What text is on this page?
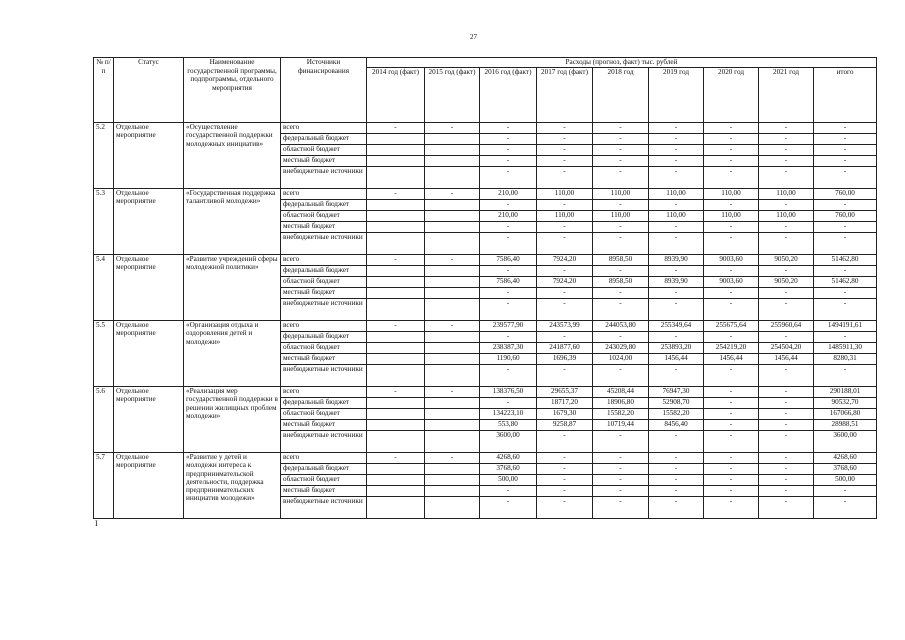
27
№ п/п	Статус	Наименование государственной программы, подпрограммы, отдельного мероприятия	Источники финансирования	Расходы (прогноз, факт) тыс. рублей								
				2014 год (факт)	2015 год (факт)	2016 год (факт)	2017 год (факт)	2018 год	2019 год	2020 год	2021 год	итого
5.2	Отдельное мероприятие	«Осуществление государственной поддержки молодежных инициатив»	всего	-	-	-	-	-	-	-	-	-
			федеральный бюджет			-	-	-	-	-	-	-
			областной бюджет			-	-	-	-	-	-	-
			местный бюджет			-	-	-	-	-	-	-
			внебюджетные источники			-	-	-	-	-	-	-
5.3	Отдельное мероприятие	«Государственная поддержка талантливой молодежи»	всего	-	-	210,00	110,00	110,00	110,00	110,00	110,00	760,00
			федеральный бюджет			-	-	-	-	-	-	-
			областной бюджет			210,00	110,00	110,00	110,00	110,00	110,00	760,00
			местный бюджет			-	-	-	-	-	-	-
			внебюджетные источники			-	-	-	-	-	-	-
5.4	Отдельное мероприятие	«Развитие учреждений сферы молодежной политики»	всего	-	-	7586,40	7924,20	8958,50	8939,90	9003,60	9050,20	51462,80
			федеральный бюджет			-	-	-	-	-	-	-
			областной бюджет			7586,40	7924,20	8958,50	8939,90	9003,60	9050,20	51462,80
			местный бюджет			-	-	-	-	-	-	-
			внебюджетные источники			-	-	-	-	-	-	-
5.5	Отдельное мероприятие	«Организация отдыха и оздоровления детей и молодежи»	всего	-	-	239577,90	243573,99	244053,80	255349,64	255675,64	255960,64	1494191,61
			федеральный бюджет			-	-	-	-	-	-	-
			областной бюджет			238387,30	241877,60	243029,80	253893,20	254219,20	254504,20	1485911,30
			местный бюджет			1190,60	1696,39	1024,00	1456,44	1456,44	1456,44	8280,31
			внебюджетные источники			-	-	-	-	-	-	-
5.6	Отдельное мероприятие	«Реализация мер государственной поддержки в решении жилищных проблем молодежи»	всего	-	-	138376,50	29655,37	45208,44	76947,30	-	-	290188,01
			федеральный бюджет			-	18717,20	18906,80	52908,70	-	-	90532,70
			областной бюджет			134223,10	1679,30	15582,20	15582,20	-	-	167066,80
			местный бюджет			553,80	9258,87	10719,44	8456,40	-	-	28988,51
			внебюджетные источники			3600,00	-	-	-	-	-	3600,00
5.7	Отдельное мероприятие	«Развитие у детей и молодежи интереса к предпринимательской деятельности, поддержка предпринимательских инициатив молодежи»	всего	-	-	4268,60	-	-	-	-	-	4268,60
			федеральный бюджет			3768,60	-	-	-	-	-	3768,60
			областной бюджет			500,00	-	-	-	-	-	500,00
			местный бюджет			-	-	-	-	-	-	-
			внебюджетные источники			-	-	-	-	-	-	-
I
